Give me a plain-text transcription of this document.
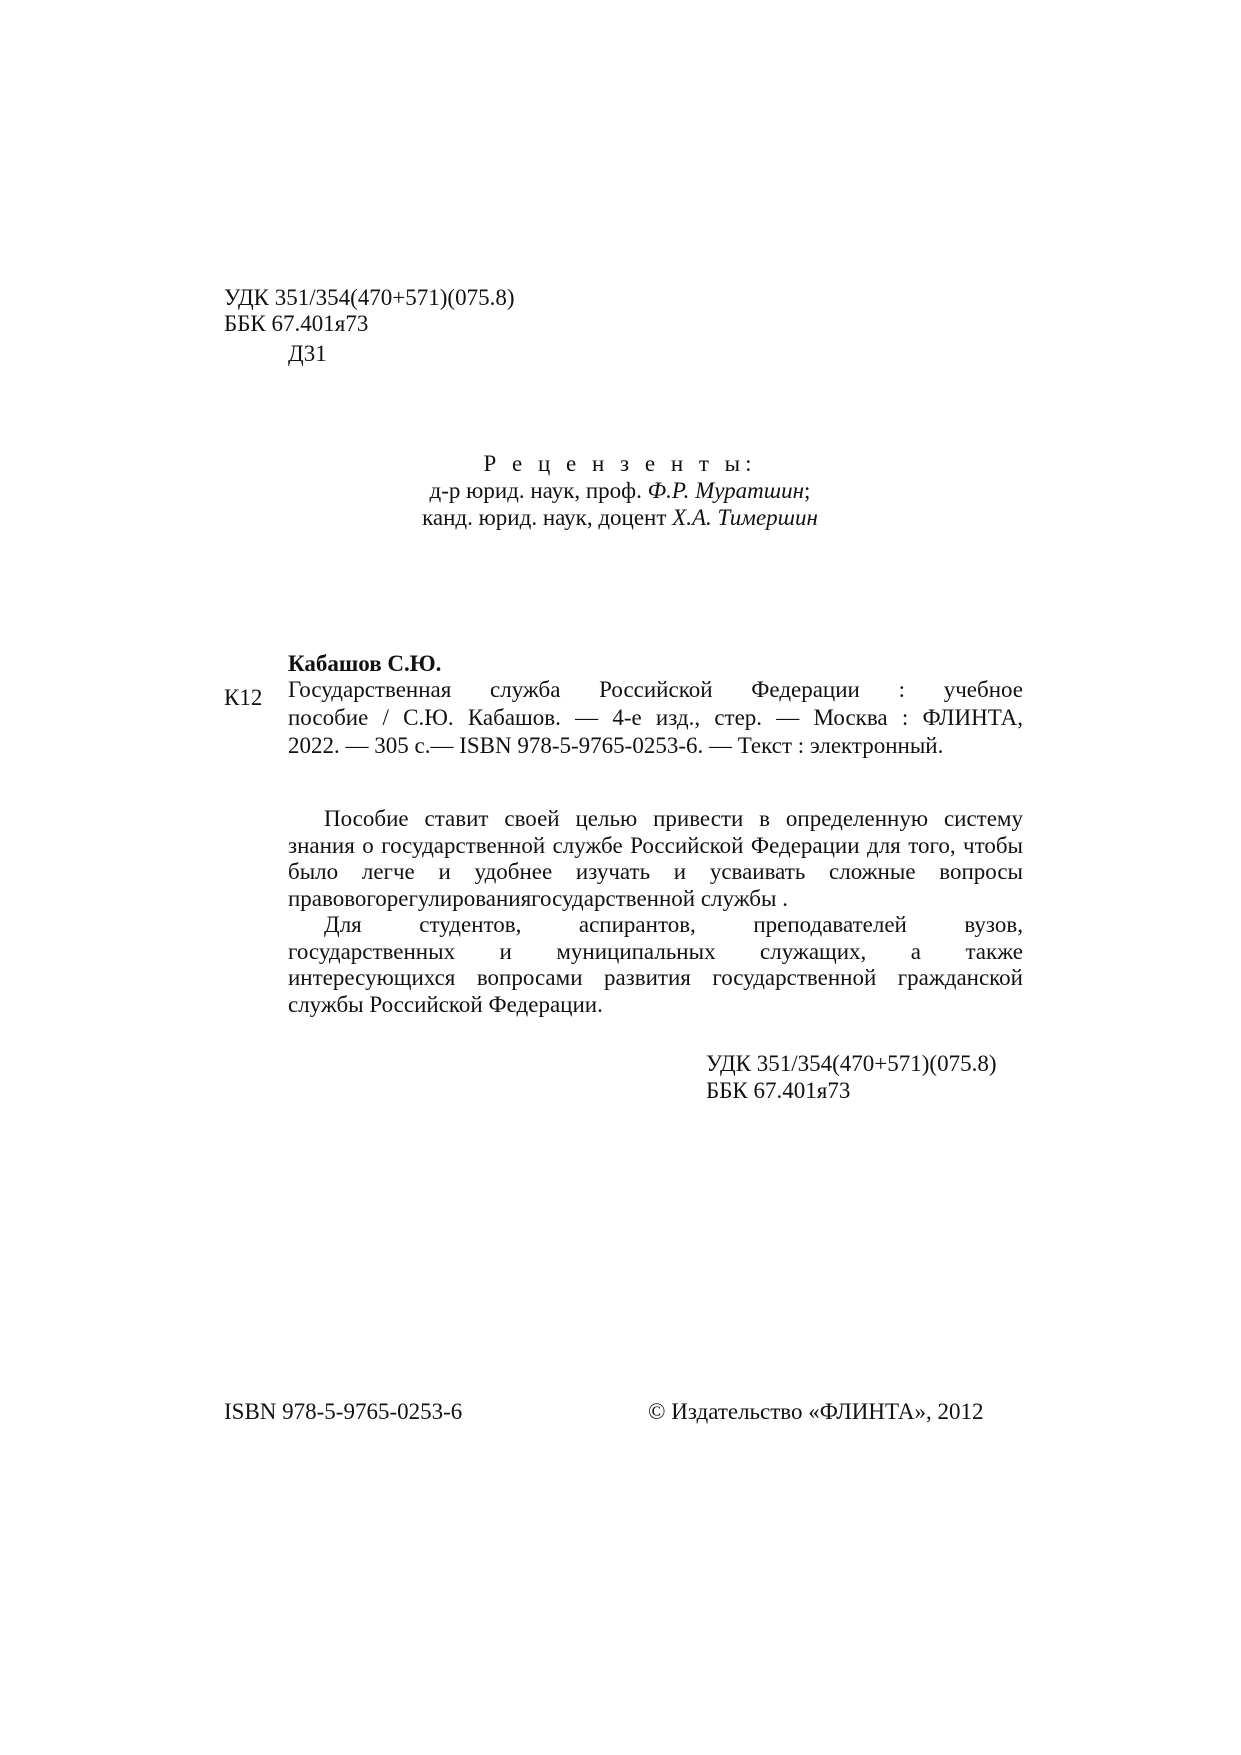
УДК 351/354(470+571)(075.8)
ББК 67.401я73
Д31
Р е ц е н з е н т ы:
д-р юрид. наук, проф. Ф.Р. Муратшин;
канд. юрид. наук, доцент Х.А. Тимершин
Кабашов С.Ю.
К12 Государственная служба Российской Федерации : учебное
пособие / С.Ю. Кабашов. — 4-е изд., стер. — Москва : ФЛИНТА,
2022. — 305 с.— ISBN 978-5-9765-0253-6. — Текст : электронный.
Пособие ставит своей целью привести в определенную систему
знания о государственной службе Российской Федерации для того, чтобы
было легче и удобнее изучать и усваивать сложные вопросы
правовогорегулированиягосударственной службы .
Для студентов, аспирантов, преподавателей вузов,
государственных и муниципальных служащих, а также
интересующихся вопросами развития государственной гражданской
службы Российской Федерации.
УДК 351/354(470+571)(075.8)
ББК 67.401я73
ISBN 978-5-9765-0253-6	© Издательство «ФЛИНТА», 2012
